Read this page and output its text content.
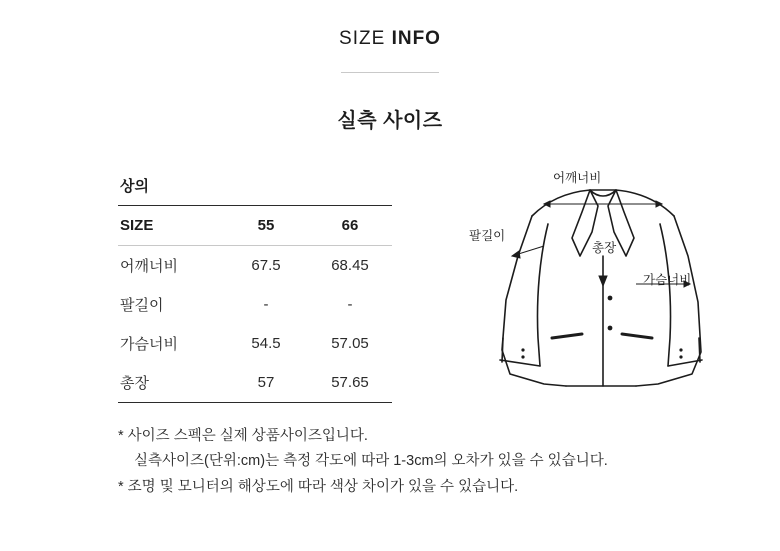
SIZE INFO
실측 사이즈
상의
SIZE	55	66
어깨너비	67.5	68.45
팔길이	-	-
가슴너비	54.5	57.05
총장	57	57.65
* 사이즈 스펙은 실제 상품사이즈입니다.
실측사이즈(단위:cm)는 측정 각도에 따라 1-3cm의 오차가 있을 수 있습니다.
* 조명 및 모니터의 해상도에 따라 색상 차이가 있을 수 있습니다.
어깨너비
팔길이
총장
가슴너비
